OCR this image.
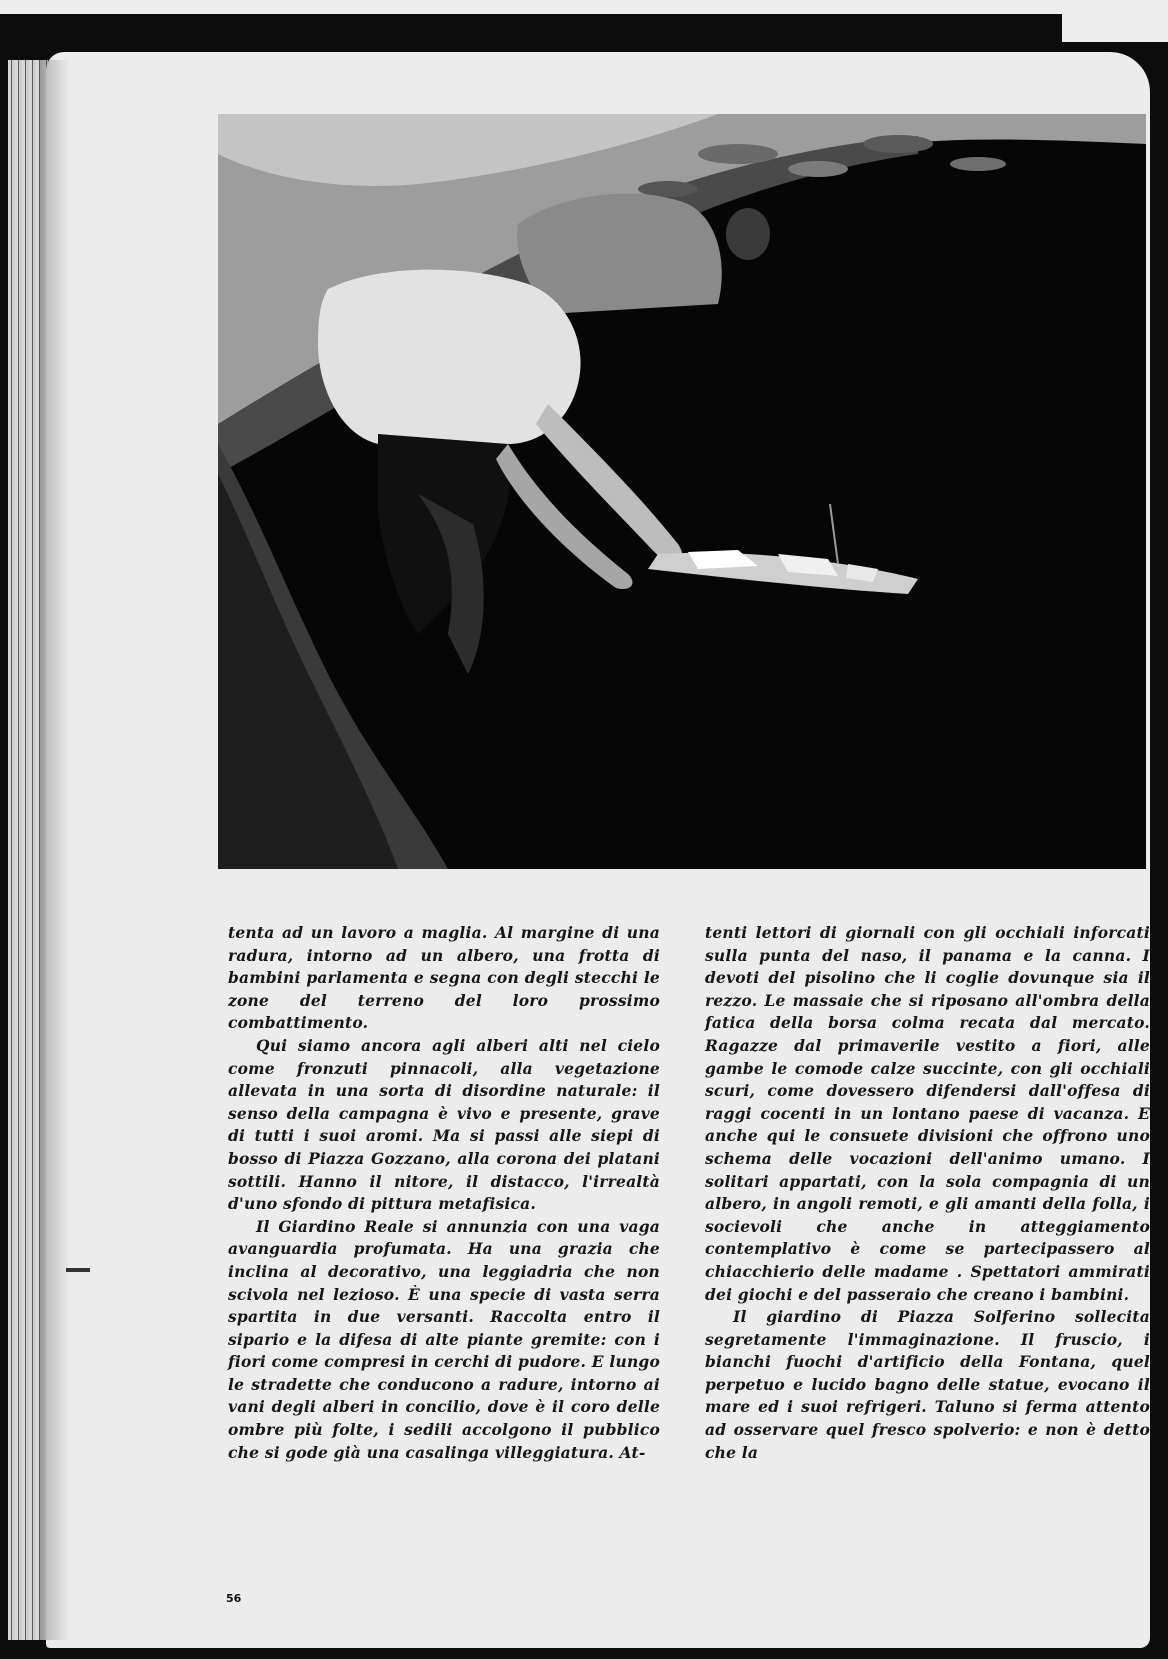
tenta ad un lavoro a maglia. Al margine di una radura, intorno ad un albero, una frotta di bambini parlamenta e segna con degli stecchi le zone del terreno del loro prossimo combattimento.

Qui siamo ancora agli alberi alti nel cielo come fronzuti pinnacoli, alla vegetazione allevata in una sorta di disordine naturale: il senso della campagna è vivo e presente, grave di tutti i suoi aromi. Ma si passi alle siepi di bosso di Piazza Gozzano, alla corona dei platani sottili. Hanno il nitore, il distacco, l'irrealtà d'uno sfondo di pittura metafisica.

Il Giardino Reale si annunzia con una vaga avanguardia profumata. Ha una grazia che inclina al decorativo, una leggiadria che non scivola nel lezioso. È una specie di vasta serra spartita in due versanti. Raccolta entro il sipario e la difesa di alte piante gremite: con i fiori come compresi in cerchi di pudore. E lungo le stradette che conducono a radure, intorno ai vani degli alberi in concilio, dove è il coro delle ombre più folte, i sedili accolgono il pubblico che si gode già una casalinga villeggiatura. At-

tenti lettori di giornali con gli occhiali inforcati sulla punta del naso, il panama e la canna. I devoti del pisolino che li coglie dovunque sia il rezzo. Le massaie che si riposano all'ombra della fatica della borsa colma recata dal mercato. Ragazze dal primaverile vestito a fiori, alle gambe le comode calze succinte, con gli occhiali scuri, come dovessero difendersi dall'offesa di raggi cocenti in un lontano paese di vacanza. E anche qui le consuete divisioni che offrono uno schema delle vocazioni dell'animo umano. I solitari appartati, con la sola compagnia di un albero, in angoli remoti, e gli amanti della folla, i socievoli che anche in atteggiamento contemplativo è come se partecipassero al chiacchierio delle madame . Spettatori ammirati dei giochi e del passeraio che creano i bambini.

Il giardino di Piazza Solferino sollecita segretamente l'immaginazione. Il fruscio, i bianchi fuochi d'artificio della Fontana, quel perpetuo e lucido bagno delle statue, evocano il mare ed i suoi refrigeri. Taluno si ferma attento ad osservare quel fresco spolverio: e non è detto che la

56
